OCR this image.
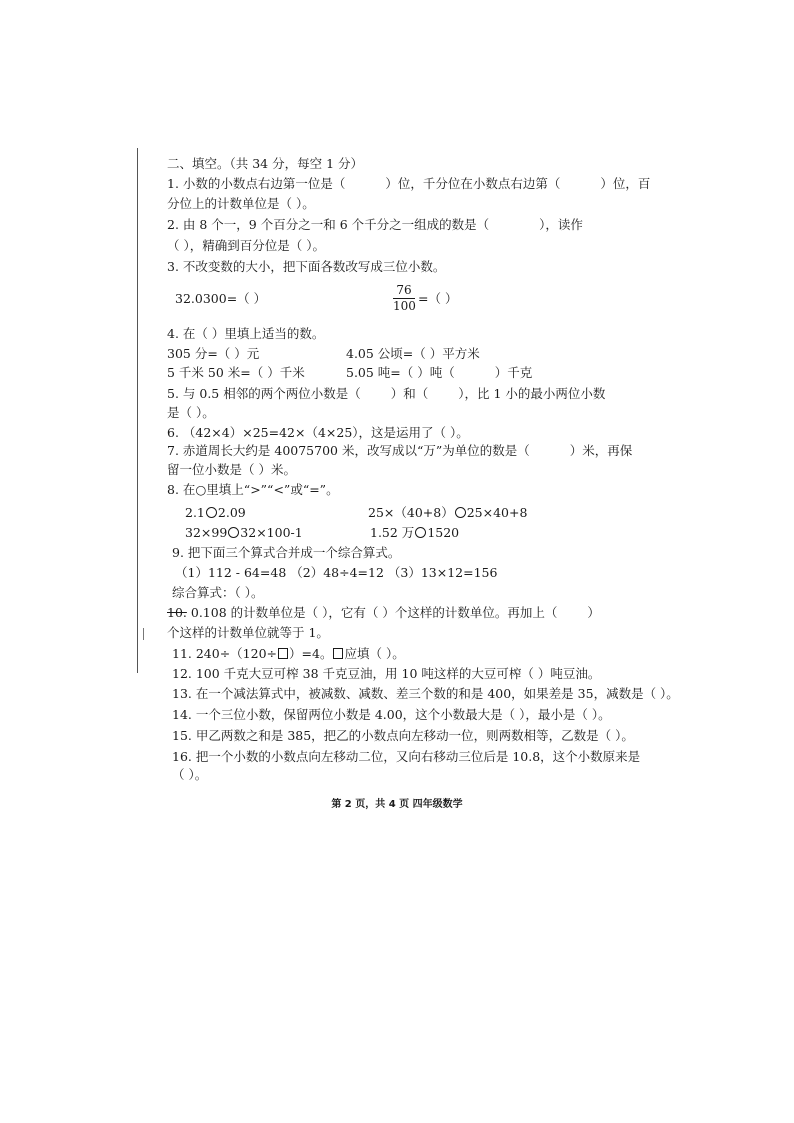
二、填空。（共 34 分，每空 1 分）

1. 小数的小数点右边第一位是（	）位，千分位在小数点右边第（	）位，百

分位上的计数单位是（ ）。

2. 由 8 个一，9 个百分之一和 6 个千分之一组成的数是（	），读作

（ ），精确到百分位是（ ）。

3. 不改变数的大小，把下面各数改写成三位小数。

32.0300=（ ）	$\frac{76}{100}$ =（ ）

4. 在（ ）里填上适当的数。

305 分=（ ）元	4.05 公顷=（ ）平方米

5 千米 50 米=（ ）千米	5.05 吨=（ ）吨（	）千克

5. 与 0.5 相邻的两个两位小数是（ ）和（ ），比 1 小的最小两位小数

是（ ）。

6. （42×4）×25=42×（4×25），这是运用了（ ）。

7. 赤道周长大约是 40075700 米，改写成以“万”为单位的数是（	）米，再保

留一位小数是（ ）米。

8. 在○里填上“>”“<”或“=”。

2.1 2.09	25×（40+8） 25×40+8

32×99 32×100-1	1.52 万 1520

9. 把下面三个算式合并成一个综合算式。

（1）112 - 64=48 （2）48÷4=12 （3）13×12=156

综合算式：（ ）。

10. 0.108 的计数单位是（ ），它有（ ）个这样的计数单位。再加上（ ）

个这样的计数单位就等于 1。

11. 240÷（120÷ ）=4。 应填（ ）。

12. 100 千克大豆可榨 38 千克豆油，用 10 吨这样的大豆可榨（ ）吨豆油。

13. 在一个减法算式中，被减数、减数、差三个数的和是 400，如果差是 35，减数是（ ）。

14. 一个三位小数，保留两位小数是 4.00，这个小数最大是（ ），最小是（ ）。

15. 甲乙两数之和是 385，把乙的小数点向左移动一位，则两数相等，乙数是（ ）。

16. 把一个小数的小数点向左移动二位，又向右移动三位后是 10.8，这个小数原来是

（ ）。

第 2 页，共 4 页 四年级数学
